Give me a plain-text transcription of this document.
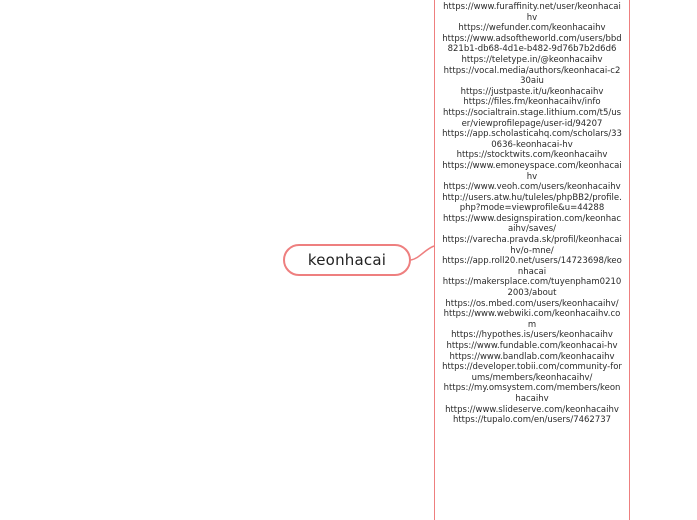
keonhacai
https://www.furaffinity.net/user/keonhacaihv
https://wefunder.com/keonhacaihv
https://www.adsoftheworld.com/users/bbd821b1-db68-4d1e-b482-9d76b7b2d6d6
https://teletype.in/@keonhacaihv
https://vocal.media/authors/keonhacai-c230aiu
https://justpaste.it/u/keonhacaihv
https://files.fm/keonhacaihv/info
https://socialtrain.stage.lithium.com/t5/user/viewprofilepage/user-id/94207
https://app.scholasticahq.com/scholars/330636-keonhacai-hv
https://stocktwits.com/keonhacaihv
https://www.emoneyspace.com/keonhacaihv
https://www.veoh.com/users/keonhacaihv
http://users.atw.hu/tuleles/phpBB2/profile.php?mode=viewprofile&u=44288
https://www.designspiration.com/keonhacaihv/saves/
https://varecha.pravda.sk/profil/keonhacaihv/o-mne/
https://app.roll20.net/users/14723698/keonhacai
https://makersplace.com/tuyenpham02102003/about
https://os.mbed.com/users/keonhacaihv/
https://www.webwiki.com/keonhacaihv.com
https://hypothes.is/users/keonhacaihv
https://www.fundable.com/keonhacai-hv
https://www.bandlab.com/keonhacaihv
https://developer.tobii.com/community-forums/members/keonhacaihv/
https://my.omsystem.com/members/keonhacaihv
https://www.slideserve.com/keonhacaihv
https://tupalo.com/en/users/7462737
